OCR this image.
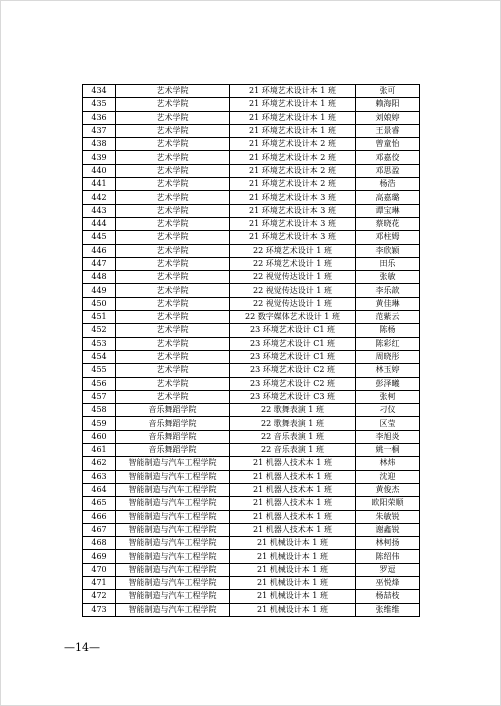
434	艺术学院	21 环境艺术设计本 1 班	张可
435	艺术学院	21 环境艺术设计本 1 班	赖海阳
436	艺术学院	21 环境艺术设计本 1 班	刘娘婷
437	艺术学院	21 环境艺术设计本 1 班	王景睿
438	艺术学院	21 环境艺术设计本 2 班	曾童怡
439	艺术学院	21 环境艺术设计本 2 班	邓嘉佼
440	艺术学院	21 环境艺术设计本 2 班	邓思盈
441	艺术学院	21 环境艺术设计本 2 班	杨浩
442	艺术学院	21 环境艺术设计本 3 班	高嘉璐
443	艺术学院	21 环境艺术设计本 3 班	谭宝琳
444	艺术学院	21 环境艺术设计本 3 班	蔡晓花
445	艺术学院	21 环境艺术设计本 3 班	邓柱姆
446	艺术学院	22 环境艺术设计 1 班	李欣颖
447	艺术学院	22 环境艺术设计 1 班	田乐
448	艺术学院	22 视觉传达设计 1 班	张敏
449	艺术学院	22 视觉传达设计 1 班	李乐歆
450	艺术学院	22 视觉传达设计 1 班	黄佳琳
451	艺术学院	22 数字媒体艺术设计 1 班	范紫云
452	艺术学院	23 环境艺术设计 C1 班	陈杨
453	艺术学院	23 环境艺术设计 C1 班	陈彩红
454	艺术学院	23 环境艺术设计 C1 班	周晓彤
455	艺术学院	23 环境艺术设计 C2 班	林玉婷
456	艺术学院	23 环境艺术设计 C2 班	彭泽曦
457	艺术学院	23 环境艺术设计 C3 班	张柯
458	音乐舞蹈学院	22 歌舞表演 1 班	刁仪
459	音乐舞蹈学院	22 歌舞表演 1 班	区莹
460	音乐舞蹈学院	22 音乐表演 1 班	李旭炎
461	音乐舞蹈学院	22 音乐表演 1 班	姚一桐
462	智能制造与汽车工程学院	21 机器人技术本 1 班	林炜
463	智能制造与汽车工程学院	21 机器人技术本 1 班	沈迎
464	智能制造与汽车工程学院	21 机器人技术本 1 班	黄俊杰
465	智能制造与汽车工程学院	21 机器人技术本 1 班	欧阳荣顺
466	智能制造与汽车工程学院	21 机器人技术本 1 班	朱敏锐
467	智能制造与汽车工程学院	21 机器人技术本 1 班	谢鑫锐
468	智能制造与汽车工程学院	21 机械设计本 1 班	林柯扬
469	智能制造与汽车工程学院	21 机械设计本 1 班	陈绍伟
470	智能制造与汽车工程学院	21 机械设计本 1 班	罗逗
471	智能制造与汽车工程学院	21 机械设计本 1 班	巫悦烽
472	智能制造与汽车工程学院	21 机械设计本 1 班	杨喆枝
473	智能制造与汽车工程学院	21 机械设计本 1 班	张维维
—14—
